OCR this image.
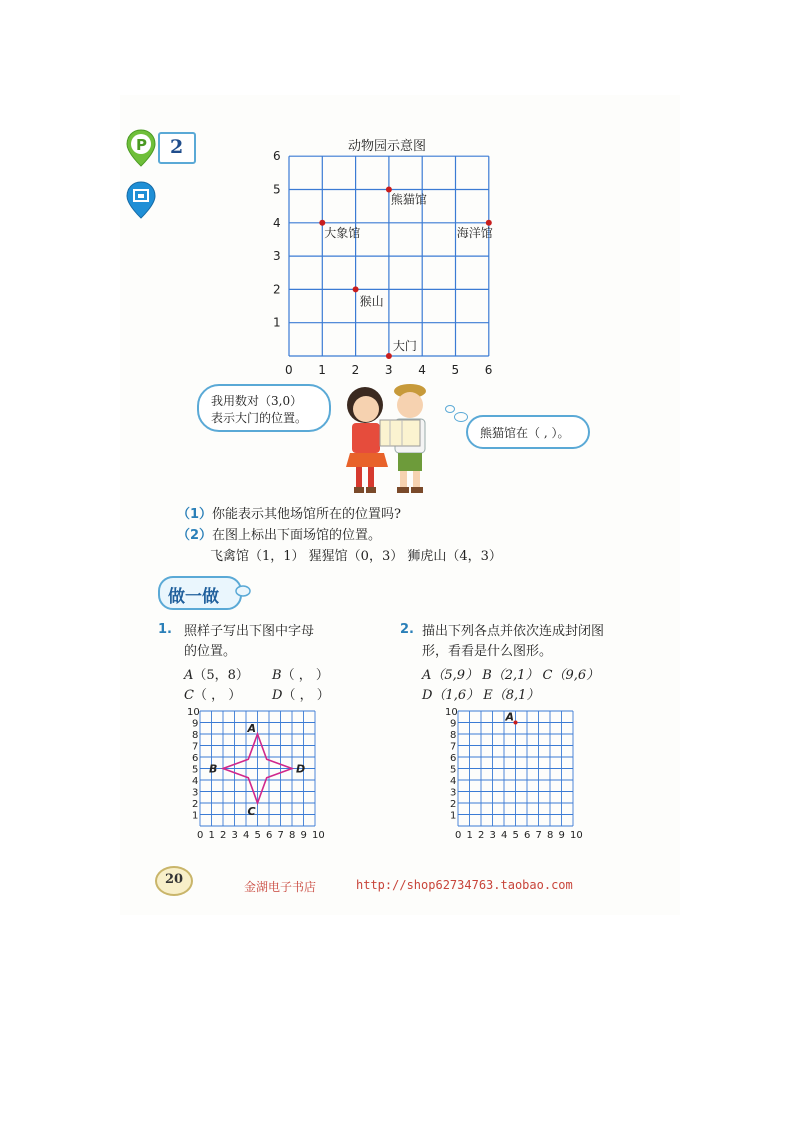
P 2	动物园示意图
0 1 2 3 4 5 6
1
2
3
4
5
6
熊猫馆
大象馆	海洋馆
猴山
大门
我用数对（3,0）
表示大门的位置。
熊猫馆在（ , ）。
（1）你能表示其他场馆所在的位置吗?
（2）在图上标出下面场馆的位置。
飞禽馆（1，1） 猩猩馆（0，3） 狮虎山（4，3）
做一做
1. 照样子写出下图中字母
的位置。
A（5，8） B（ ， ）
C（ ， ） D（ ， ）
0 1
1
2
2
3
3
4
4
5
5
6
6
7
7
8
8
9
9
10
10
A
B
C
D
2. 描出下列各点并依次连成封闭图
形，看看是什么图形。
A（5,9） B（2,1） C（9,6）
D（1,6） E（8,1）
0 1
1
2
2
3
3
4
4
5
5
6
6
7
7
8
8
9
9
10
10	A
20	金湖电子书店	http://shop62734763.taobao.com
